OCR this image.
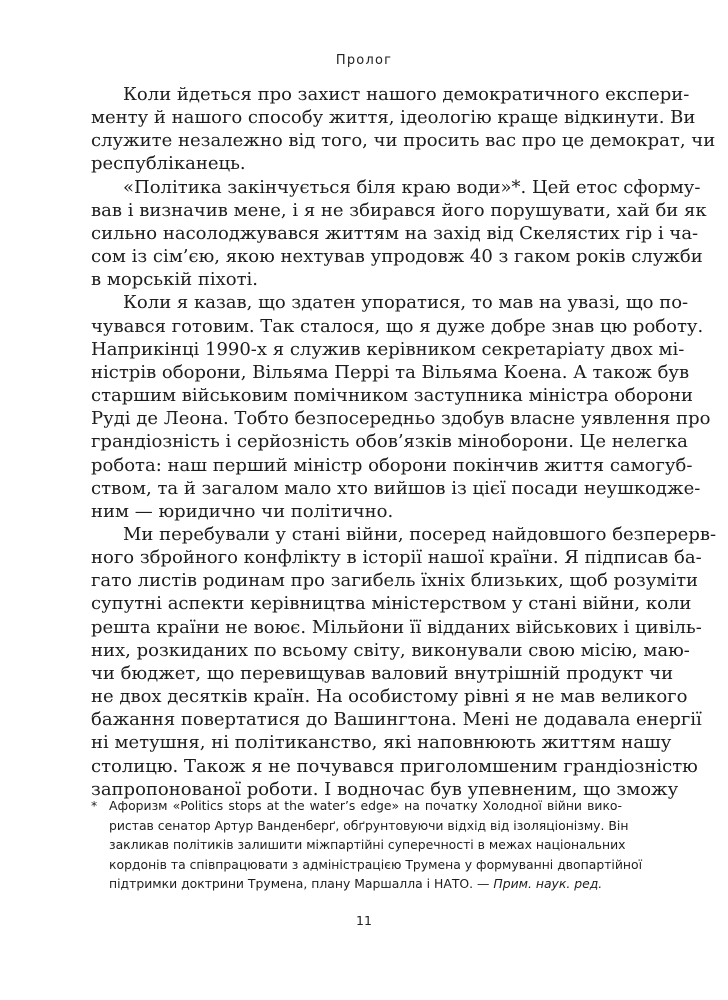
Пролог
Коли йдеться про захист нашого демократичного експери-
менту й нашого способу життя, ідеологію краще відкинути. Ви
служите незалежно від того, чи просить вас про це демократ, чи
республіканець.
«Політика закінчується біля краю води»*. Цей етос сформу-
вав і визначив мене, і я не збирався його порушувати, хай би як
сильно насолоджувався життям на захід від Скелястих гір і ча-
сом із сім’єю, якою нехтував упродовж 40 з гаком років служби
в морській піхоті.
Коли я казав, що здатен упоратися, то мав на увазі, що по-
чувався готовим. Так сталося, що я дуже добре знав цю роботу.
Наприкінці 1990-х я служив керівником секретаріату двох мі-
ністрів оборони, Вільяма Перрі та Вільяма Коена. А також був
старшим військовим помічником заступника міністра оборони
Руді де Леона. Тобто безпосередньо здобув власне уявлення про
грандіозність і серйозність обов’язків міноборони. Це нелегка
робота: наш перший міністр оборони покінчив життя самогуб-
ством, та й загалом мало хто вийшов із цієї посади неушкодже-
ним — юридично чи політично.
Ми перебували у стані війни, посеред найдовшого безперерв-
ного збройного конфлікту в історії нашої країни. Я підписав ба-
гато листів родинам про загибель їхніх близьких, щоб розуміти
супутні аспекти керівництва міністерством у стані війни, коли
решта країни не воює. Мільйони її відданих військових і цивіль-
них, розкиданих по всьому світу, виконували свою місію, маю-
чи бюджет, що перевищував валовий внутрішній продукт чи
не двох десятків країн. На особистому рівні я не мав великого
бажання повертатися до Вашингтона. Мені не додавала енергії
ні метушня, ні політиканство, які наповнюють життям нашу
столицю. Також я не почувався приголомшеним грандіозністю
запропонованої роботи. І водночас був упевненим, що зможу
* Афоризм «Politics stops at the water’s edge» на початку Холодної війни вико-
ристав сенатор Артур Ванденберґ, обґрунтовуючи відхід від ізоляціонізму. Він
закликав політиків залишити міжпартійні суперечності в межах національних
кордонів та співпрацювати з адміністрацією Трумена у формуванні двопартійної
підтримки доктрини Трумена, плану Маршалла і НАТО. — Прим. наук. ред.
11
